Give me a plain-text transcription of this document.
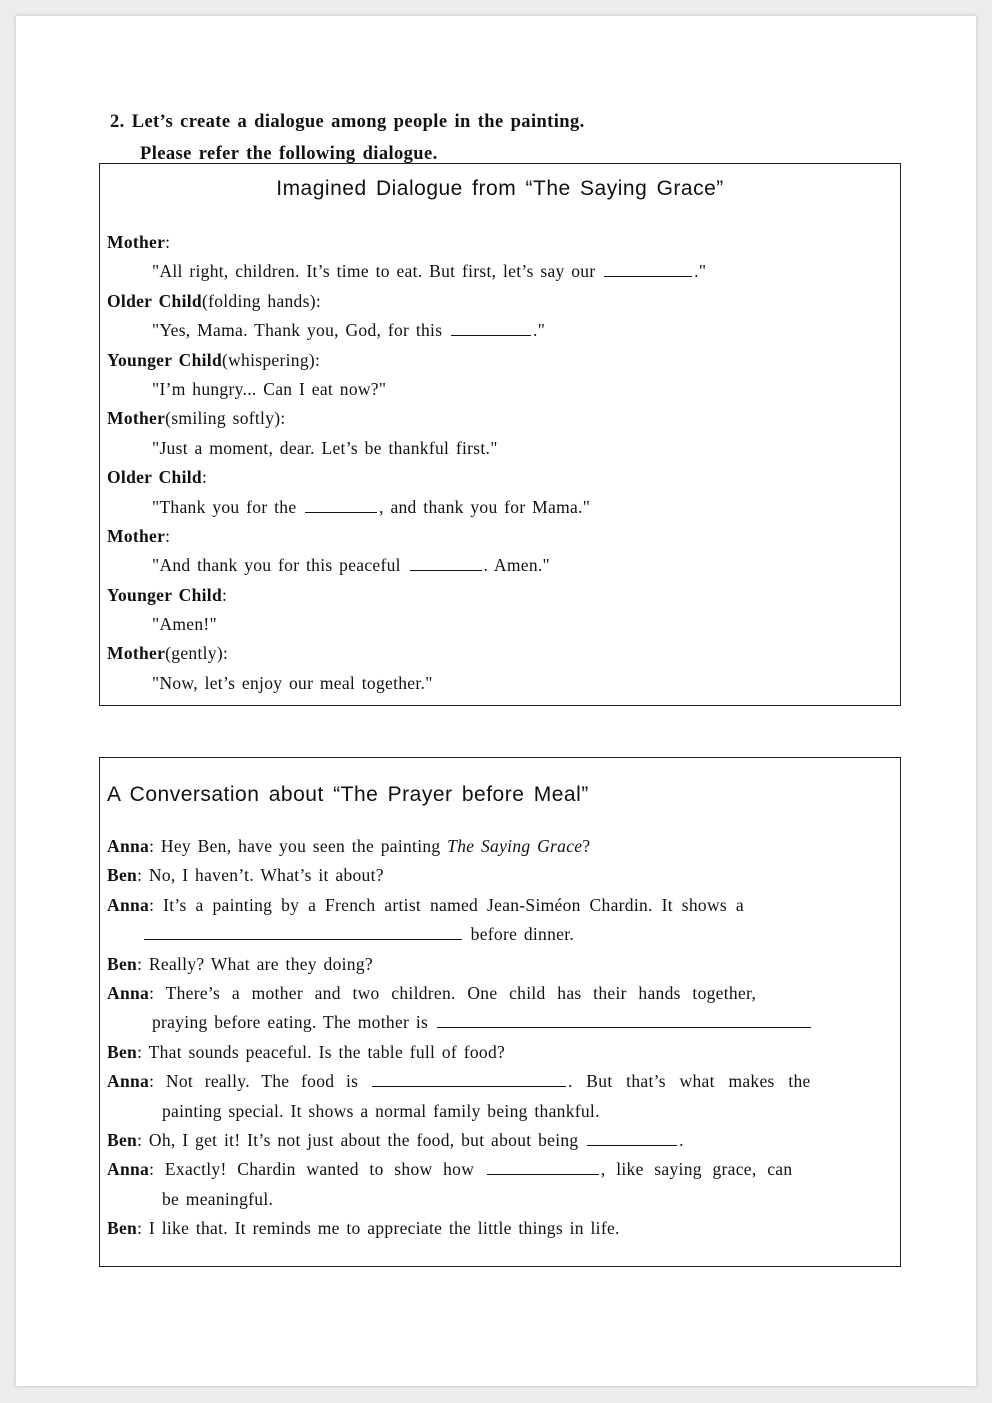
2. Let’s create a dialogue among people in the painting.
Please refer the following dialogue.
Imagined Dialogue from “The Saying Grace”
Mother:
"All right, children. It’s time to eat. But first, let’s say our	."
Older Child(folding hands):
"Yes, Mama. Thank you, God, for this	."
Younger Child(whispering):
"I’m hungry... Can I eat now?"
Mother(smiling softly):
"Just a moment, dear. Let’s be thankful first."
Older Child:
"Thank you for the	, and thank you for Mama."
Mother:
"And thank you for this peaceful	. Amen."
Younger Child:
"Amen!"
Mother(gently):
"Now, let’s enjoy our meal together."
A Conversation about “The Prayer before Meal”
Anna: Hey Ben, have you seen the painting The Saying Grace?
Ben: No, I haven’t. What’s it about?
Anna: It’s a painting by a French artist named Jean-Siméon Chardin. It shows a
before dinner.
Ben: Really? What are they doing?
Anna: There’s a mother and two children. One child has their hands together,
praying before eating. The mother is
Ben: That sounds peaceful. Is the table full of food?
Anna: Not really. The food is	. But that’s what makes the
painting special. It shows a normal family being thankful.
Ben: Oh, I get it! It’s not just about the food, but about being	.
Anna: Exactly! Chardin wanted to show how	, like saying grace, can
be meaningful.
Ben: I like that. It reminds me to appreciate the little things in life.
